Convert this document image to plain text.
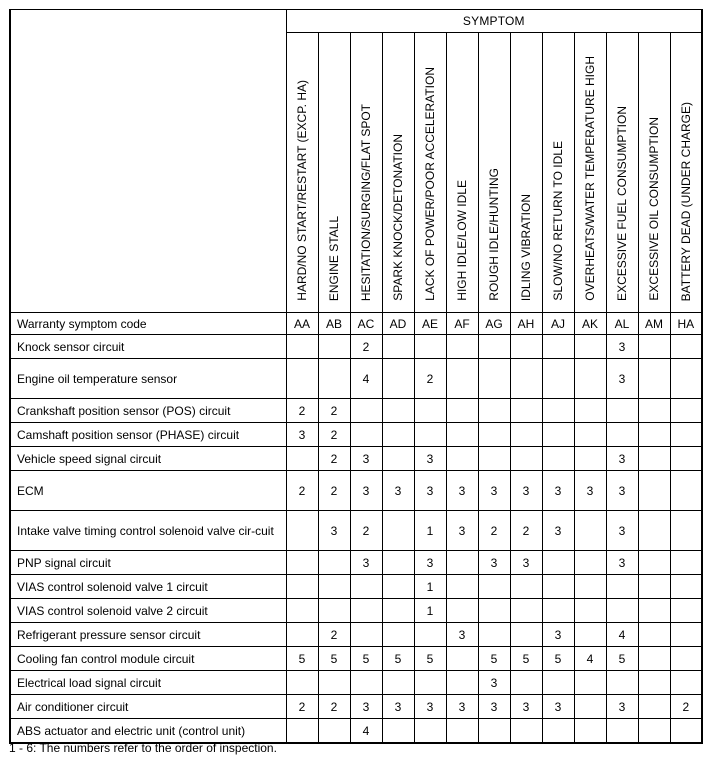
	SYMPTOM												
	HARD/NO START/RESTART (EXCP. HA)	ENGINE STALL	HESITATION/SURGING/FLAT SPOT	SPARK KNOCK/DETONATION	LACK OF POWER/POOR ACCELERATION	HIGH IDLE/LOW IDLE	ROUGH IDLE/HUNTING	IDLING VIBRATION	SLOW/NO RETURN TO IDLE	OVERHEATS/WATER TEMPERATURE HIGH	EXCESSIVE FUEL CONSUMPTION	EXCESSIVE OIL CONSUMPTION	BATTERY DEAD (UNDER CHARGE)
Warranty symptom code	AA	AB	AC	AD	AE	AF	AG	AH	AJ	AK	AL	AM	HA
Knock sensor circuit			2								3		
Engine oil temperature sensor			4		2						3		
Crankshaft position sensor (POS) circuit	2	2											
Camshaft position sensor (PHASE) circuit	3	2											
Vehicle speed signal circuit		2	3		3						3		
ECM	2	2	3	3	3	3	3	3	3	3	3		
Intake valve timing control solenoid valve cir-cuit		3	2		1	3	2	2	3		3		
PNP signal circuit			3		3		3	3			3		
VIAS control solenoid valve 1 circuit					1								
VIAS control solenoid valve 2 circuit					1								
Refrigerant pressure sensor circuit		2				3			3		4		
Cooling fan control module circuit	5	5	5	5	5		5	5	5	4	5		
Electrical load signal circuit							3						
Air conditioner circuit	2	2	3	3	3	3	3	3	3		3		2
ABS actuator and electric unit (control unit)			4										
1 - 6: The numbers refer to the order of inspection.
